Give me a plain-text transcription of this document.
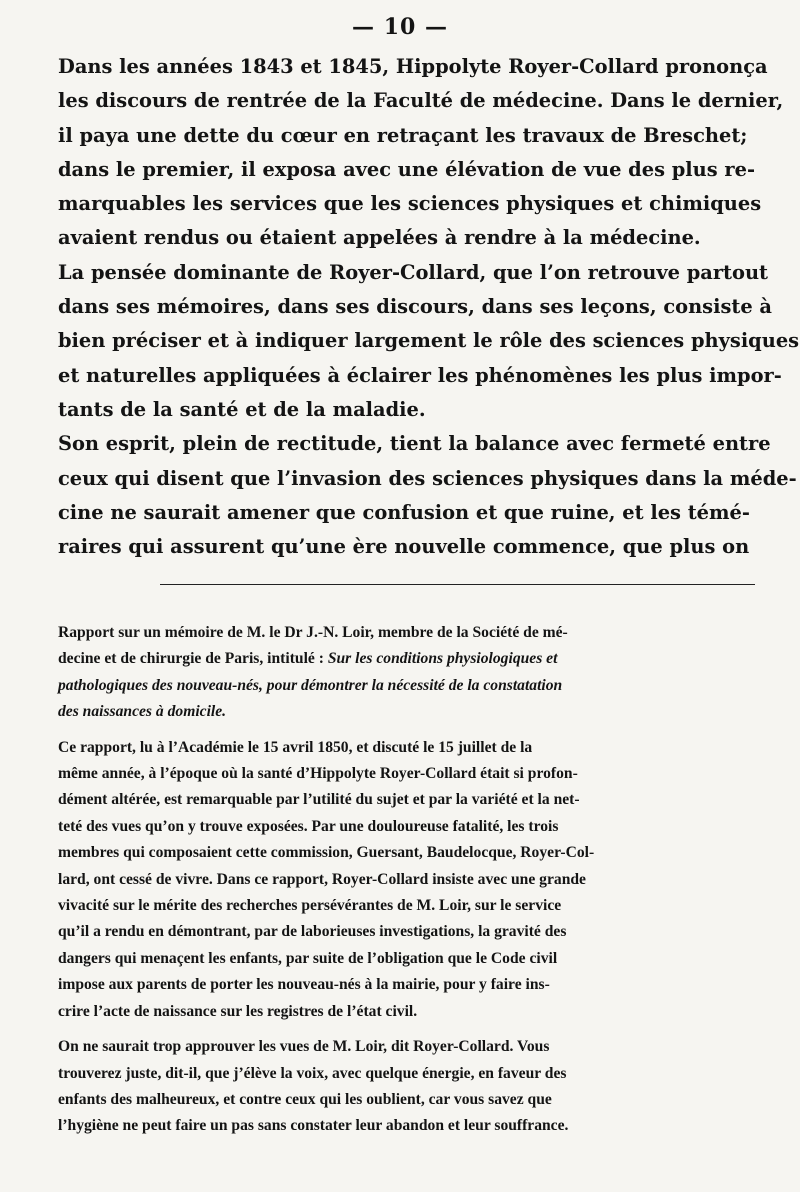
— 10 —

Dans les années 1843 et 1845, Hippolyte Royer-Collard prononça
les discours de rentrée de la Faculté de médecine. Dans le dernier,
il paya une dette du cœur en retraçant les travaux de Breschet;
dans le premier, il exposa avec une élévation de vue des plus re-
marquables les services que les sciences physiques et chimiques
avaient rendus ou étaient appelées à rendre à la médecine.

La pensée dominante de Royer-Collard, que l’on retrouve partout
dans ses mémoires, dans ses discours, dans ses leçons, consiste à
bien préciser et à indiquer largement le rôle des sciences physiques
et naturelles appliquées à éclairer les phénomènes les plus impor-
tants de la santé et de la maladie.

Son esprit, plein de rectitude, tient la balance avec fermeté entre
ceux qui disent que l’invasion des sciences physiques dans la méde-
cine ne saurait amener que confusion et que ruine, et les témé-
raires qui assurent qu’une ère nouvelle commence, que plus on

Rapport sur un mémoire de M. le Dr J.-N. Loir, membre de la Société de mé-
decine et de chirurgie de Paris, intitulé : Sur les conditions physiologiques et
pathologiques des nouveau-nés, pour démontrer la nécessité de la constatation
des naissances à domicile.

Ce rapport, lu à l’Académie le 15 avril 1850, et discuté le 15 juillet de la
même année, à l’époque où la santé d’Hippolyte Royer-Collard était si profon-
dément altérée, est remarquable par l’utilité du sujet et par la variété et la net-
teté des vues qu’on y trouve exposées. Par une douloureuse fatalité, les trois
membres qui composaient cette commission, Guersant, Baudelocque, Royer-Col-
lard, ont cessé de vivre. Dans ce rapport, Royer-Collard insiste avec une grande
vivacité sur le mérite des recherches persévérantes de M. Loir, sur le service
qu’il a rendu en démontrant, par de laborieuses investigations, la gravité des
dangers qui menaçent les enfants, par suite de l’obligation que le Code civil
impose aux parents de porter les nouveau-nés à la mairie, pour y faire ins-
crire l’acte de naissance sur les registres de l’état civil.

On ne saurait trop approuver les vues de M. Loir, dit Royer-Collard. Vous
trouverez juste, dit-il, que j’élève la voix, avec quelque énergie, en faveur des
enfants des malheureux, et contre ceux qui les oublient, car vous savez que
l’hygiène ne peut faire un pas sans constater leur abandon et leur souffrance.
